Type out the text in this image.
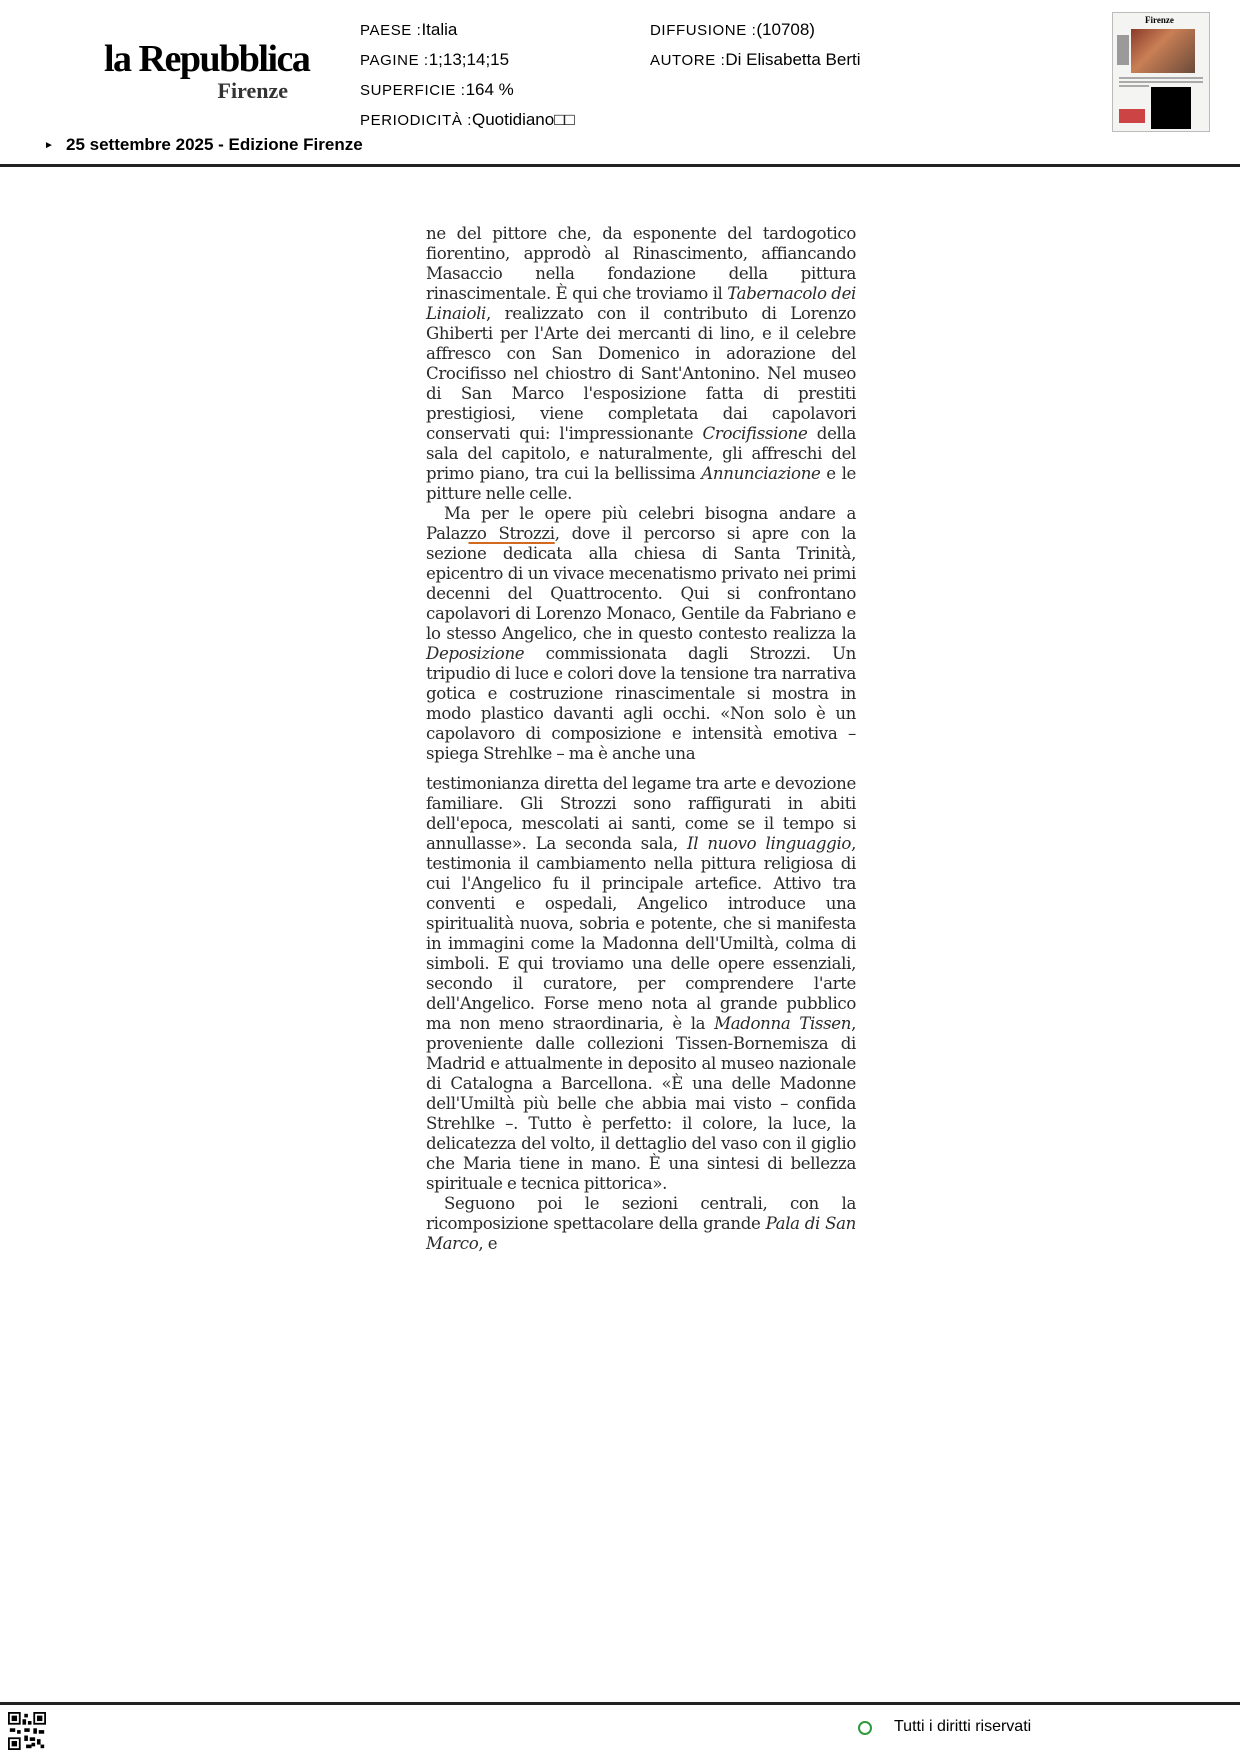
la Repubblica
Firenze
PAESE :Italia
PAGINE :1;13;14;15
SUPERFICIE :164 %
PERIODICITÀ :Quotidiano□□
DIFFUSIONE :(10708)
AUTORE :Di Elisabetta Berti
► 25 settembre 2025 - Edizione Firenze
Firenze

ne del pittore che, da esponente del tardogotico fiorentino, approdò al Rinascimento, affiancando Masaccio nella fondazione della pittura rinascimentale. È qui che troviamo il Tabernacolo dei Linaioli, realizzato con il contributo di Lorenzo Ghiberti per l'Arte dei mercanti di lino, e il celebre affresco con San Domenico in adorazione del Crocifisso nel chiostro di Sant'Antonino. Nel museo di San Marco l'esposizione fatta di prestiti prestigiosi, viene completata dai capolavori conservati qui: l'impressionante Crocifissione della sala del capitolo, e naturalmente, gli affreschi del primo piano, tra cui la bellissima Annunciazione e le pitture nelle celle.

Ma per le opere più celebri bisogna andare a Palazzo Strozzi, dove il percorso si apre con la sezione dedicata alla chiesa di Santa Trinità, epicentro di un vivace mecenatismo privato nei primi decenni del Quattrocento. Qui si confrontano capolavori di Lorenzo Monaco, Gentile da Fabriano e lo stesso Angelico, che in questo contesto realizza la Deposizione commissionata dagli Strozzi. Un tripudio di luce e colori dove la tensione tra narrativa gotica e costruzione rinascimentale si mostra in modo plastico davanti agli occhi. «Non solo è un capolavoro di composizione e intensità emotiva – spiega Strehlke – ma è anche una

testimonianza diretta del legame tra arte e devozione familiare. Gli Strozzi sono raffigurati in abiti dell'epoca, mescolati ai santi, come se il tempo si annullasse». La seconda sala, Il nuovo linguaggio, testimonia il cambiamento nella pittura religiosa di cui l'Angelico fu il principale artefice. Attivo tra conventi e ospedali, Angelico introduce una spiritualità nuova, sobria e potente, che si manifesta in immagini come la Madonna dell'Umiltà, colma di simboli. E qui troviamo una delle opere essenziali, secondo il curatore, per comprendere l'arte dell'Angelico. Forse meno nota al grande pubblico ma non meno straordinaria, è la Madonna Tissen, proveniente dalle collezioni Tissen-Bornemisza di Madrid e attualmente in deposito al museo nazionale di Catalogna a Barcellona. «È una delle Madonne dell'Umiltà più belle che abbia mai visto – confida Strehlke –. Tutto è perfetto: il colore, la luce, la delicatezza del volto, il dettaglio del vaso con il giglio che Maria tiene in mano. È una sintesi di bellezza spirituale e tecnica pittorica».

Seguono poi le sezioni centrali, con la ricomposizione spettacolare della grande Pala di San Marco, e

Tutti i diritti riservati
